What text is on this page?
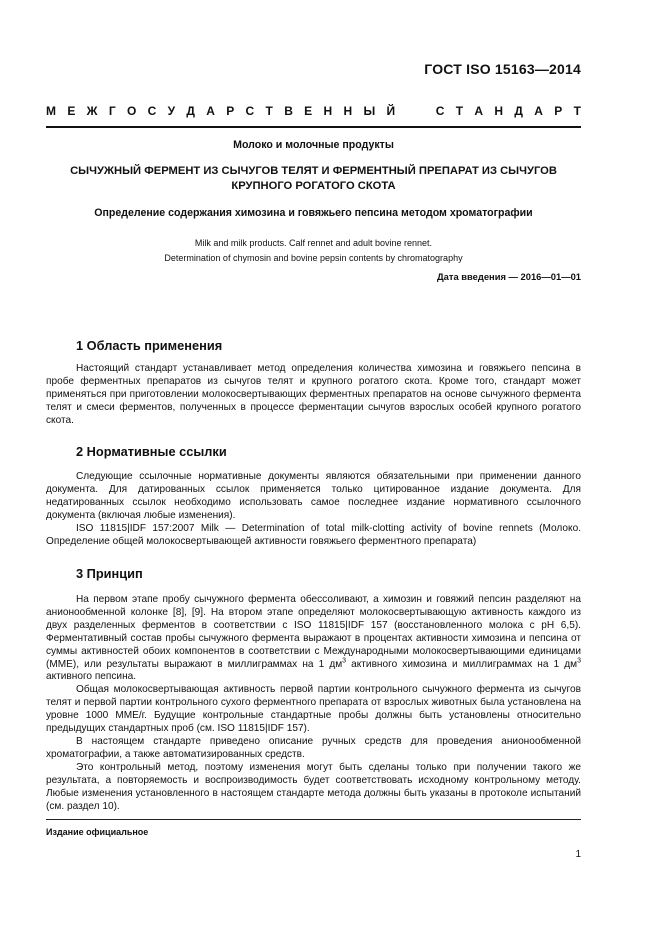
ГОСТ ISO 15163—2014
М Е Ж Г О С У Д А Р С Т В Е Н Н Ы Й	С Т А Н Д А Р Т
Молоко и молочные продукты
СЫЧУЖНЫЙ ФЕРМЕНТ ИЗ СЫЧУГОВ ТЕЛЯТ И ФЕРМЕНТНЫЙ ПРЕПАРАТ ИЗ СЫЧУГОВ КРУПНОГО РОГАТОГО СКОТА
Определение содержания химозина и говяжьего пепсина методом хроматографии
Milk and milk products. Calf rennet and adult bovine rennet.
Determination of chymosin and bovine pepsin contents by chromatography
Дата введения — 2016—01—01
1 Область применения

Настоящий стандарт устанавливает метод определения количества химозина и говяжьего пепсина в пробе ферментных препаратов из сычугов телят и крупного рогатого скота. Кроме того, стандарт может применяться при приготовлении молокосвертывающих ферментных препаратов на основе сычужного фермента телят и смеси ферментов, полученных в процессе ферментации сычугов взрослых особей крупного рогатого скота.

2 Нормативные ссылки

Следующие ссылочные нормативные документы являются обязательными при применении данного документа. Для датированных ссылок применяется только цитированное издание документа. Для недатированных ссылок необходимо использовать самое последнее издание нормативного ссылочного документа (включая любые изменения).

ISO 11815|IDF 157:2007 Milk — Determination of total milk-clotting activity of bovine rennets (Молоко. Определение общей молокосвертывающей активности говяжьего ферментного препарата)

3 Принцип

На первом этапе пробу сычужного фермента обессоливают, а химозин и говяжий пепсин разделяют на анионообменной колонке [8], [9]. На втором этапе определяют молокосвертывающую активность каждого из двух разделенных ферментов в соответствии с ISO 11815|IDF 157 (восстановленного молока с рН 6,5). Ферментативный состав пробы сычужного фермента выражают в процентах активности химозина и пепсина от суммы активностей обоих компонентов в соответствии с Международными молокосвертывающими единицами (ММЕ), или результаты выражают в миллиграммах на 1 $дм^3$ активного химозина и миллиграммах на 1 $дм^3$ активного пепсина.

Общая молокосвертывающая активность первой партии контрольного сычужного фермента из сычугов телят и первой партии контрольного сухого ферментного препарата от взрослых животных была установлена на уровне 1000 ММЕ/г. Будущие контрольные стандартные пробы должны быть установлены относительно предыдущих стандартных проб (см. ISO 11815|IDF 157).

В настоящем стандарте приведено описание ручных средств для проведения анионообменной хроматографии, а также автоматизированных средств.

Это контрольный метод, поэтому изменения могут быть сделаны только при получении такого же результата, а повторяемость и воспроизводимость будет соответствовать исходному контрольному методу. Любые изменения установленного в настоящем стандарте метода должны быть указаны в протоколе испытаний (см. раздел 10).

Издание официальное
1
